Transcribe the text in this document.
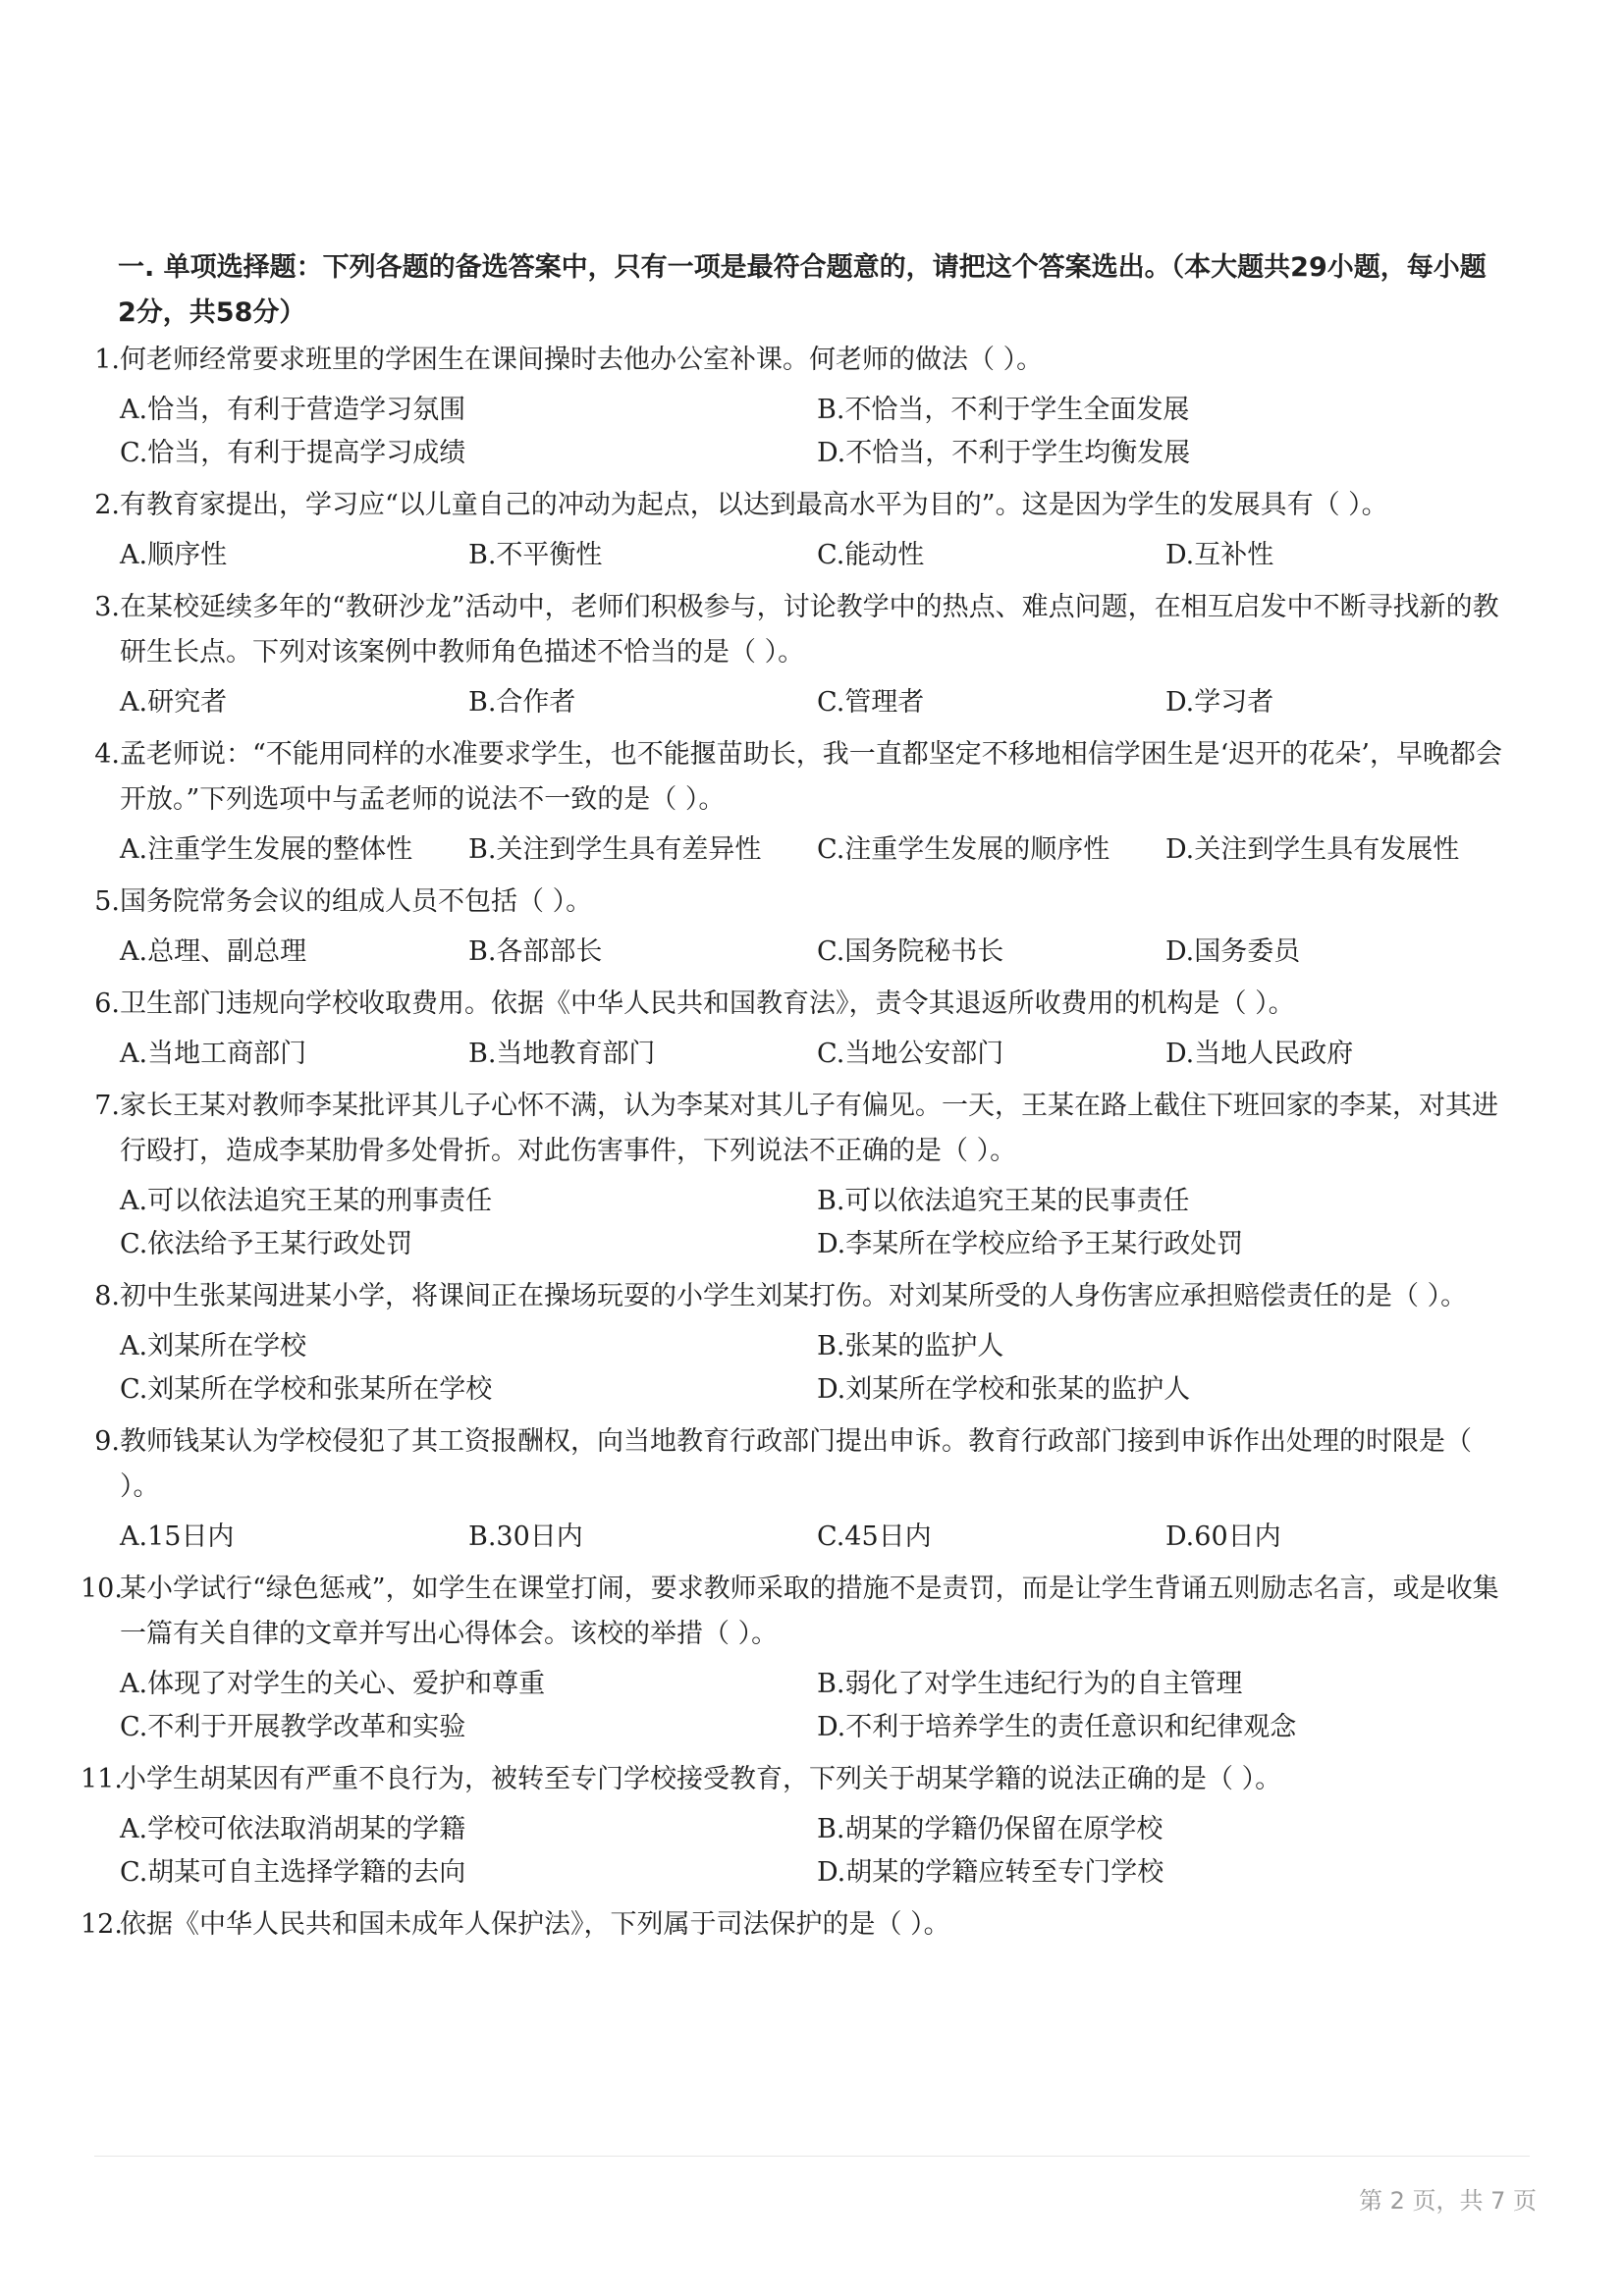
一. 单项选择题：下列各题的备选答案中，只有一项是最符合题意的，请把这个答案选出。（本大题共29小题，每小题2分，共58分）
1. 何老师经常要求班里的学困生在课间操时去他办公室补课。何老师的做法（ ）。
A.恰当，有利于营造学习氛围	B.不恰当，不利于学生全面发展
C.恰当，有利于提高学习成绩	D.不恰当，不利于学生均衡发展
2. 有教育家提出，学习应“以儿童自己的冲动为起点，以达到最高水平为目的”。这是因为学生的发展具有（ ）。
A.顺序性	B.不平衡性	C.能动性	D.互补性
3. 在某校延续多年的“教研沙龙”活动中，老师们积极参与，讨论教学中的热点、难点问题，在相互启发中不断寻找新的教研生长点。下列对该案例中教师角色描述不恰当的是（ ）。
A.研究者	B.合作者	C.管理者	D.学习者
4. 孟老师说：“不能用同样的水准要求学生，也不能揠苗助长，我一直都坚定不移地相信学困生是‘迟开的花朵’，早晚都会开放。”下列选项中与孟老师的说法不一致的是（ ）。
A.注重学生发展的整体性	B.关注到学生具有差异性	C.注重学生发展的顺序性	D.关注到学生具有发展性
5. 国务院常务会议的组成人员不包括（ ）。
A.总理、副总理	B.各部部长	C.国务院秘书长	D.国务委员
6. 卫生部门违规向学校收取费用。依据《中华人民共和国教育法》，责令其退返所收费用的机构是（ ）。
A.当地工商部门	B.当地教育部门	C.当地公安部门	D.当地人民政府
7. 家长王某对教师李某批评其儿子心怀不满，认为李某对其儿子有偏见。一天，王某在路上截住下班回家的李某，对其进行殴打，造成李某肋骨多处骨折。对此伤害事件，下列说法不正确的是（ ）。
A.可以依法追究王某的刑事责任	B.可以依法追究王某的民事责任
C.依法给予王某行政处罚	D.李某所在学校应给予王某行政处罚
8. 初中生张某闯进某小学，将课间正在操场玩耍的小学生刘某打伤。对刘某所受的人身伤害应承担赔偿责任的是（ ）。
A.刘某所在学校	B.张某的监护人
C.刘某所在学校和张某所在学校	D.刘某所在学校和张某的监护人
9. 教师钱某认为学校侵犯了其工资报酬权，向当地教育行政部门提出申诉。教育行政部门接到申诉作出处理的时限是（ ）。
A.15日内	B.30日内	C.45日内	D.60日内
10.
某小学试行“绿色惩戒”，如学生在课堂打闹，要求教师采取的措施不是责罚，而是让学生背诵五则励志名言，或是收集一篇有关自律的文章并写出心得体会。该校的举措（ ）。
A.体现了对学生的关心、爱护和尊重	B.弱化了对学生违纪行为的自主管理
C.不利于开展教学改革和实验	D.不利于培养学生的责任意识和纪律观念
11.
小学生胡某因有严重不良行为，被转至专门学校接受教育，下列关于胡某学籍的说法正确的是（ ）。
A.学校可依法取消胡某的学籍	B.胡某的学籍仍保留在原学校
C.胡某可自主选择学籍的去向	D.胡某的学籍应转至专门学校
12.
依据《中华人民共和国未成年人保护法》，下列属于司法保护的是（ ）。
第 2 页，共 7 页
